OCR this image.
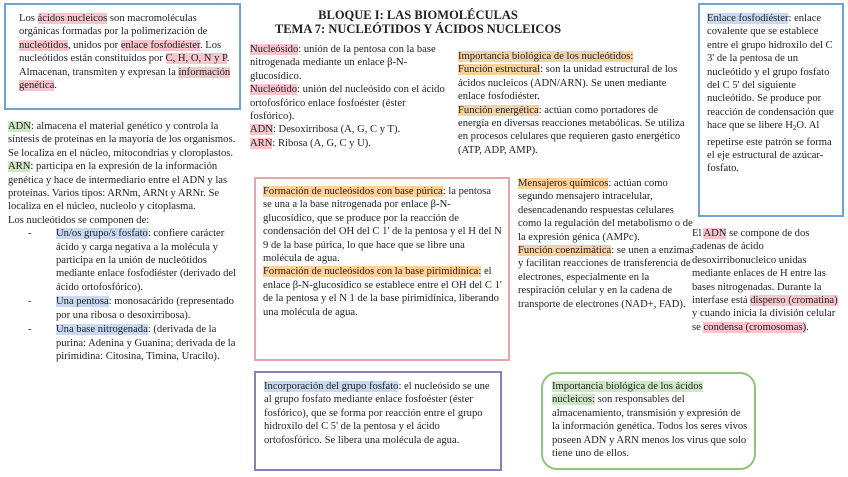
BLOQUE I: LAS BIOMOLÉCULAS
TEMA 7: NUCLEÓTIDOS Y ÁCIDOS NUCLEICOS

Los ácidos nucleicos son macromoléculas orgánicas formadas por la polimerización de nucleótidos, unidos por enlace fosfodiéster. Los nucleótidos están constituidos por C, H, O, N y P. Almacenan, transmiten y expresan la información genética.

ADN: almacena el material genético y controla la síntesis de proteínas en la mayoría de los organismos. Se localiza en el núcleo, mitocondrias y cloroplastos.

ARN: participa en la expresión de la información genética y hace de intermediario entre el ADN y las proteínas. Varios tipos: ARNm, ARNt y ARNr. Se localiza en el núcleo, nucleolo y citoplasma.

Los nucleótidos se componen de:

- Un/os grupo/s fosfato: confiere carácter ácido y carga negativa a la molécula y participa en la unión de nucleótidos mediante enlace fosfodiéster (derivado del ácido ortofosfórico).
- Una pentosa: monosacárido (representado por una ribosa o desoxirribosa).
- Una base nitrogenada: (derivada de la purina: Adenina y Guanina; derivada de la pirimidina: Citosina, Timina, Uracilo).

Nucleósido: unión de la pentosa con la base nitrogenada mediante un enlace β-N-glucosídico.

Nucleótido: unión del nucleósido con el ácido ortofosfórico enlace fosfoéster (éster fosfórico).

ADN: Desoxirribosa (A, G, C y T).

ARN: Ribosa (A, G, C y U).

Formación de nucleósidos con base púrica: la pentosa se una a la base nitrogenada por enlace β-N-glucosídico, que se produce por la reacción de condensación del OH del C 1' de la pentosa y el H del N 9 de la base púrica, lo que hace que se libre una molécula de agua.

Formación de nucleósidos con la base pirimidínica: el enlace β-N-glucosídico se establece entre el OH del C 1' de la pentosa y el N 1 de la base pirimidínica, liberando una molécula de agua.

Incorporación del grupo fosfato: el nucleósido se une al grupo fosfato mediante enlace fosfoéster (éster fosfórico), que se forma por reacción entre el grupo hidroxilo del C 5' de la pentosa y el ácido ortofosfórico. Se libera una molécula de agua.

Importancia biológica de los nucleótidos:

Función estructural: son la unidad estructural de los ácidos nucleicos (ADN/ARN). Se unen mediante enlace fosfodiéster.

Función energética: actúan como portadores de energía en diversas reacciones metabólicas. Se utiliza en procesos celulares que requieren gasto energético (ATP, ADP, AMP).

Mensajeros químicos: actúan como segundo mensajero intracelular, desencadenando respuestas celulares como la regulación del metabolismo o de la expresión génica (AMPc).

Función coenzimática: se unen a enzimas y facilitan reacciones de transferencia de electrones, especialmente en la respiración celular y en la cadena de transporte de electrones (NAD+, FAD).

Enlace fosfodiéster: enlace covalente que se establece entre el grupo hidroxilo del C 3' de la pentosa de un nucleótido y el grupo fosfato del C 5' del siguiente nucleótido. Se produce por reacción de condensación que hace que se libere $H_2O$. Al repetirse este patrón se forma el eje estructural de azúcar-fosfato.

El ADN se compone de dos cadenas de ácido desoxirribonucleico unidas mediante enlaces de H entre las bases nitrogenadas. Durante la interfase está disperso (cromatina) y cuando inicia la división celular se condensa (cromosomas).

Importancia biológica de los ácidos nucleicos: son responsables del almacenamiento, transmisión y expresión de la información genética. Todos los seres vivos poseen ADN y ARN menos los virus que solo tiene uno de ellos.
